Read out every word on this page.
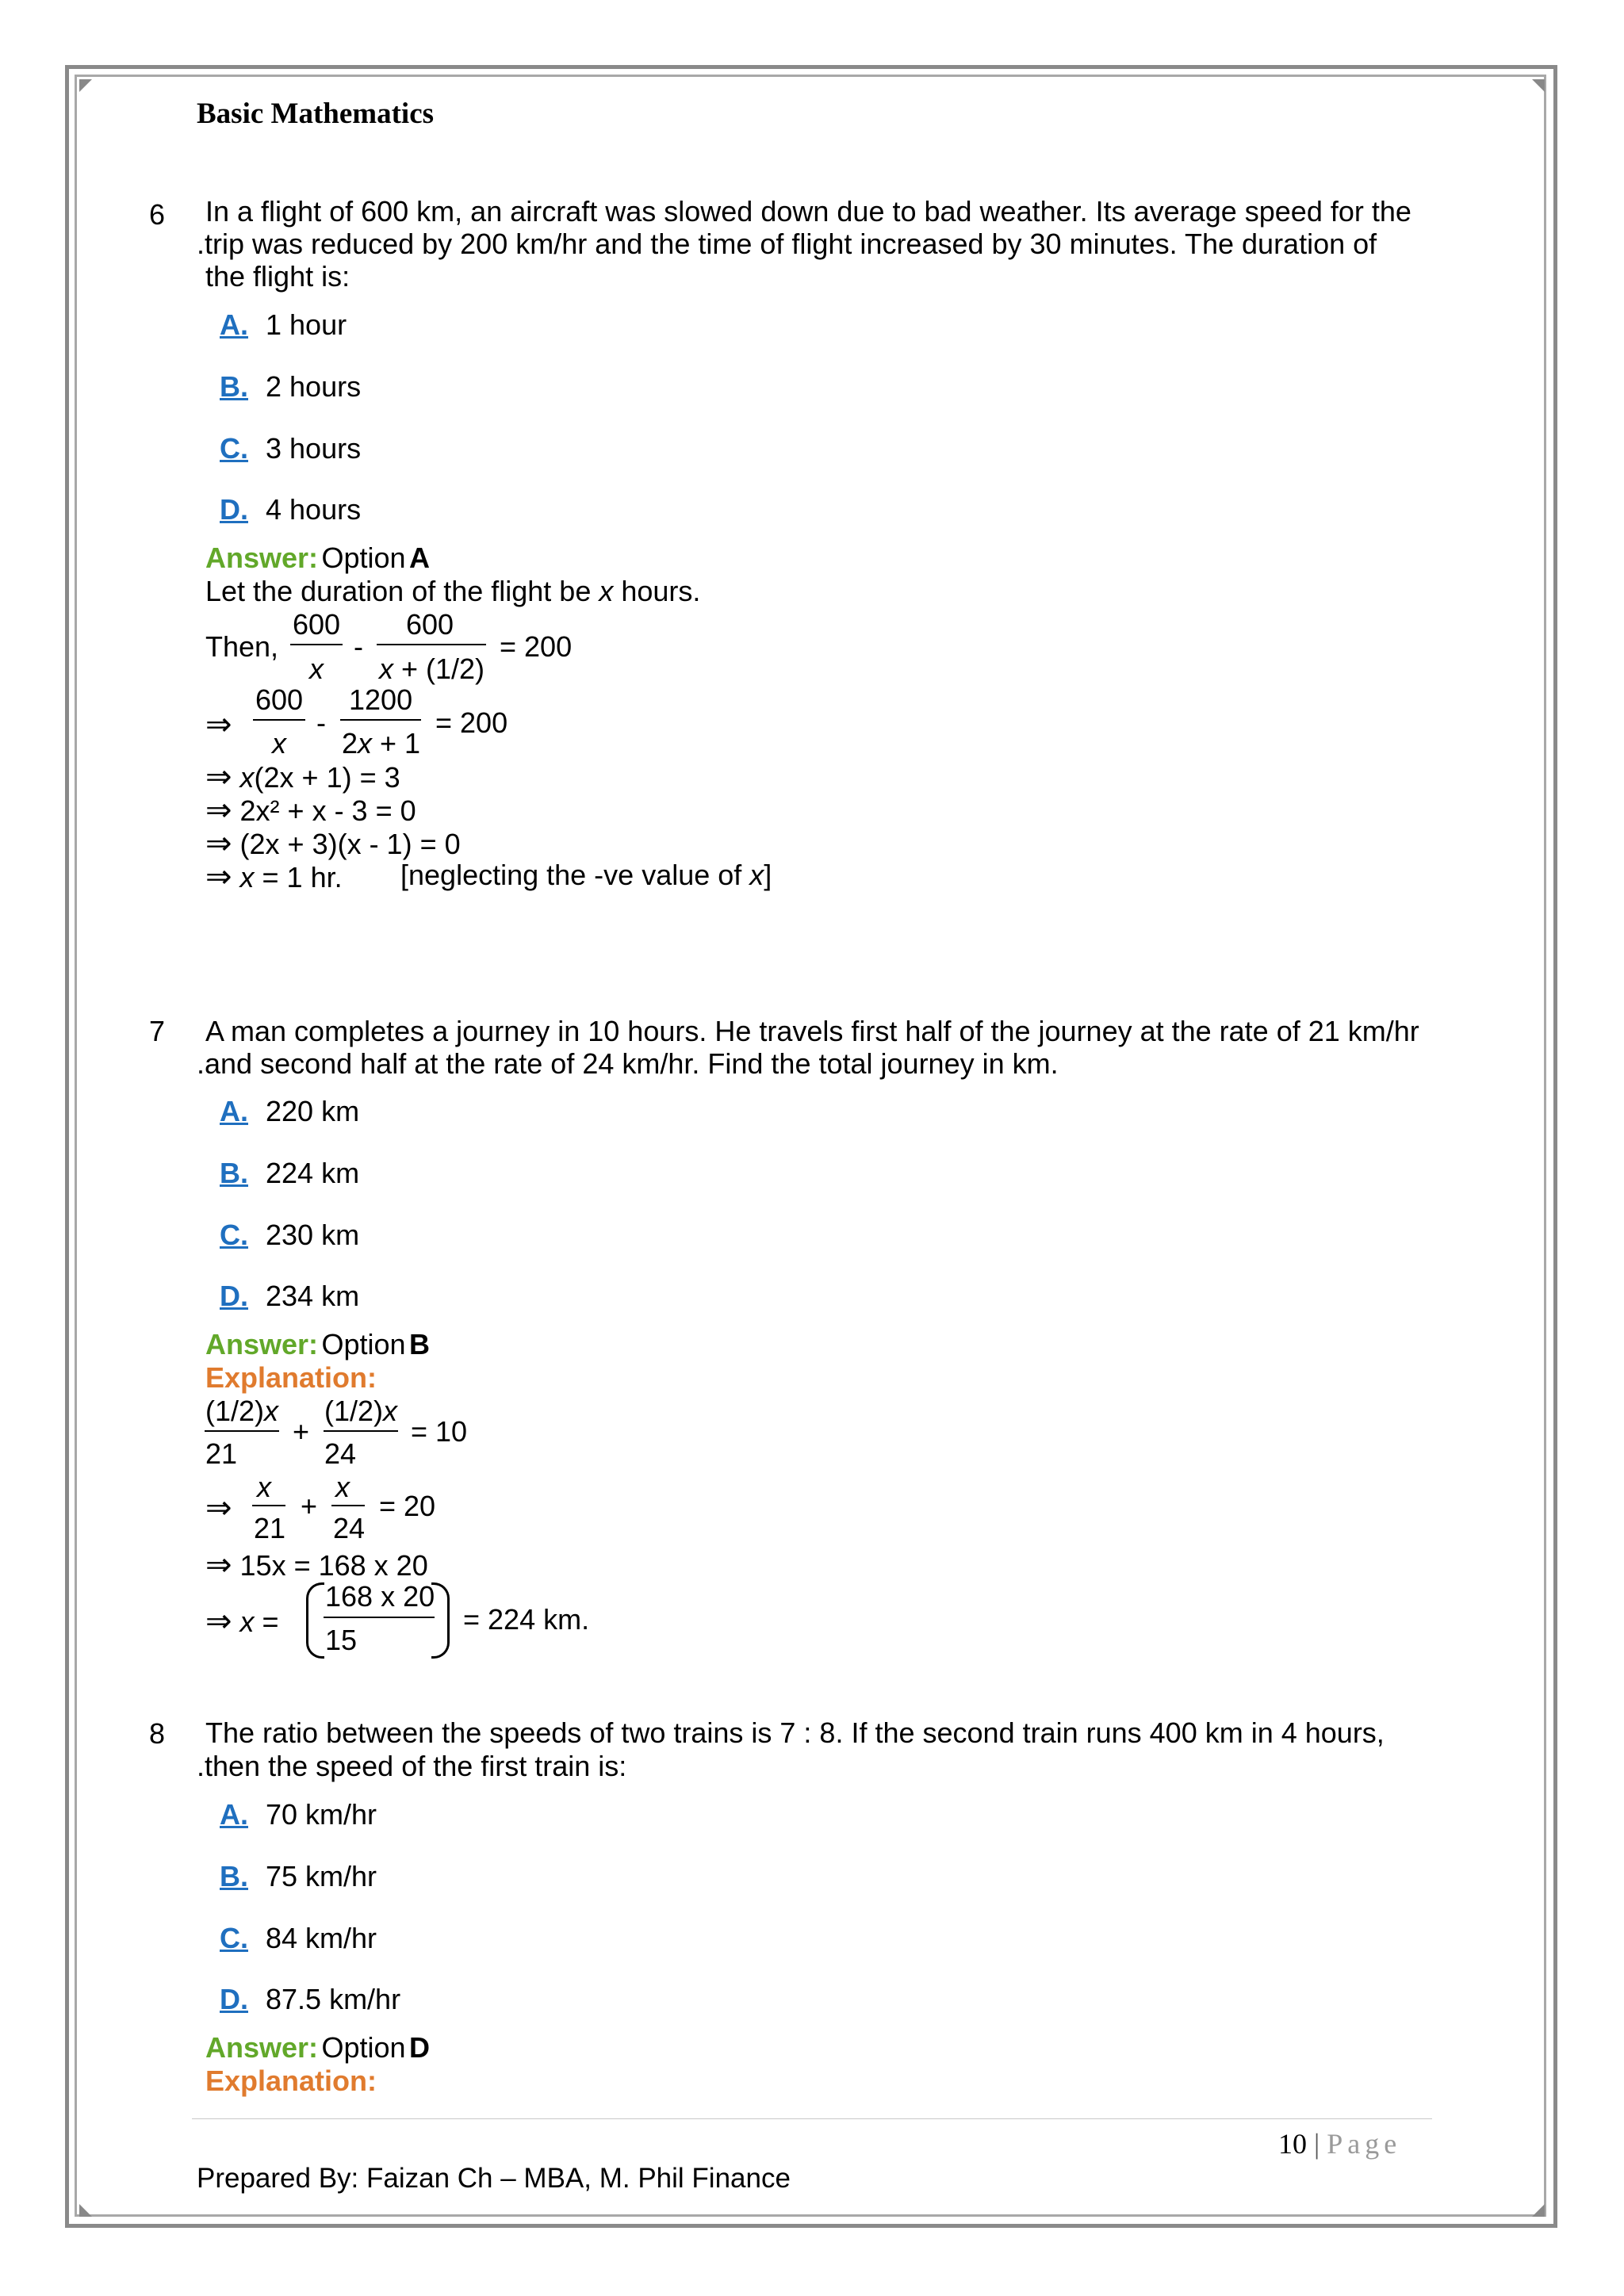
Basic Mathematics
6 In a flight of 600 km, an aircraft was slowed down due to bad weather. Its average speed for the
.trip was reduced by 200 km/hr and the time of flight increased by 30 minutes. The duration of
the flight is:
A. 1 hour
B. 2 hours
C. 3 hours
D. 4 hours
Answer: Option A
Let the duration of the flight be x hours.
Then,
600
x
-
600
x + (1/2)
= 200
⇒
600
x
-
1200
2x + 1
= 200
⇒ x(2x + 1) = 3
⇒ 2x² + x - 3 = 0
⇒ (2x + 3)(x - 1) = 0
⇒ x = 1 hr. [neglecting the -ve value of x]
7 A man completes a journey in 10 hours. He travels first half of the journey at the rate of 21 km/hr
.and second half at the rate of 24 km/hr. Find the total journey in km.
A. 220 km
B. 224 km
C. 230 km
D. 234 km
Answer: Option B
Explanation:
(1/2)x
21
+
(1/2)x
24
= 10
⇒
x
21
+
x
24
= 20
⇒ 15x = 168 x 20
⇒ x =
168 x 20
15
= 224 km.
8 The ratio between the speeds of two trains is 7 : 8. If the second train runs 400 km in 4 hours,
.then the speed of the first train is:
A. 70 km/hr
B. 75 km/hr
C. 84 km/hr
D. 87.5 km/hr
Answer: Option D
Explanation:
10 | Page
Prepared By: Faizan Ch – MBA, M. Phil Finance
